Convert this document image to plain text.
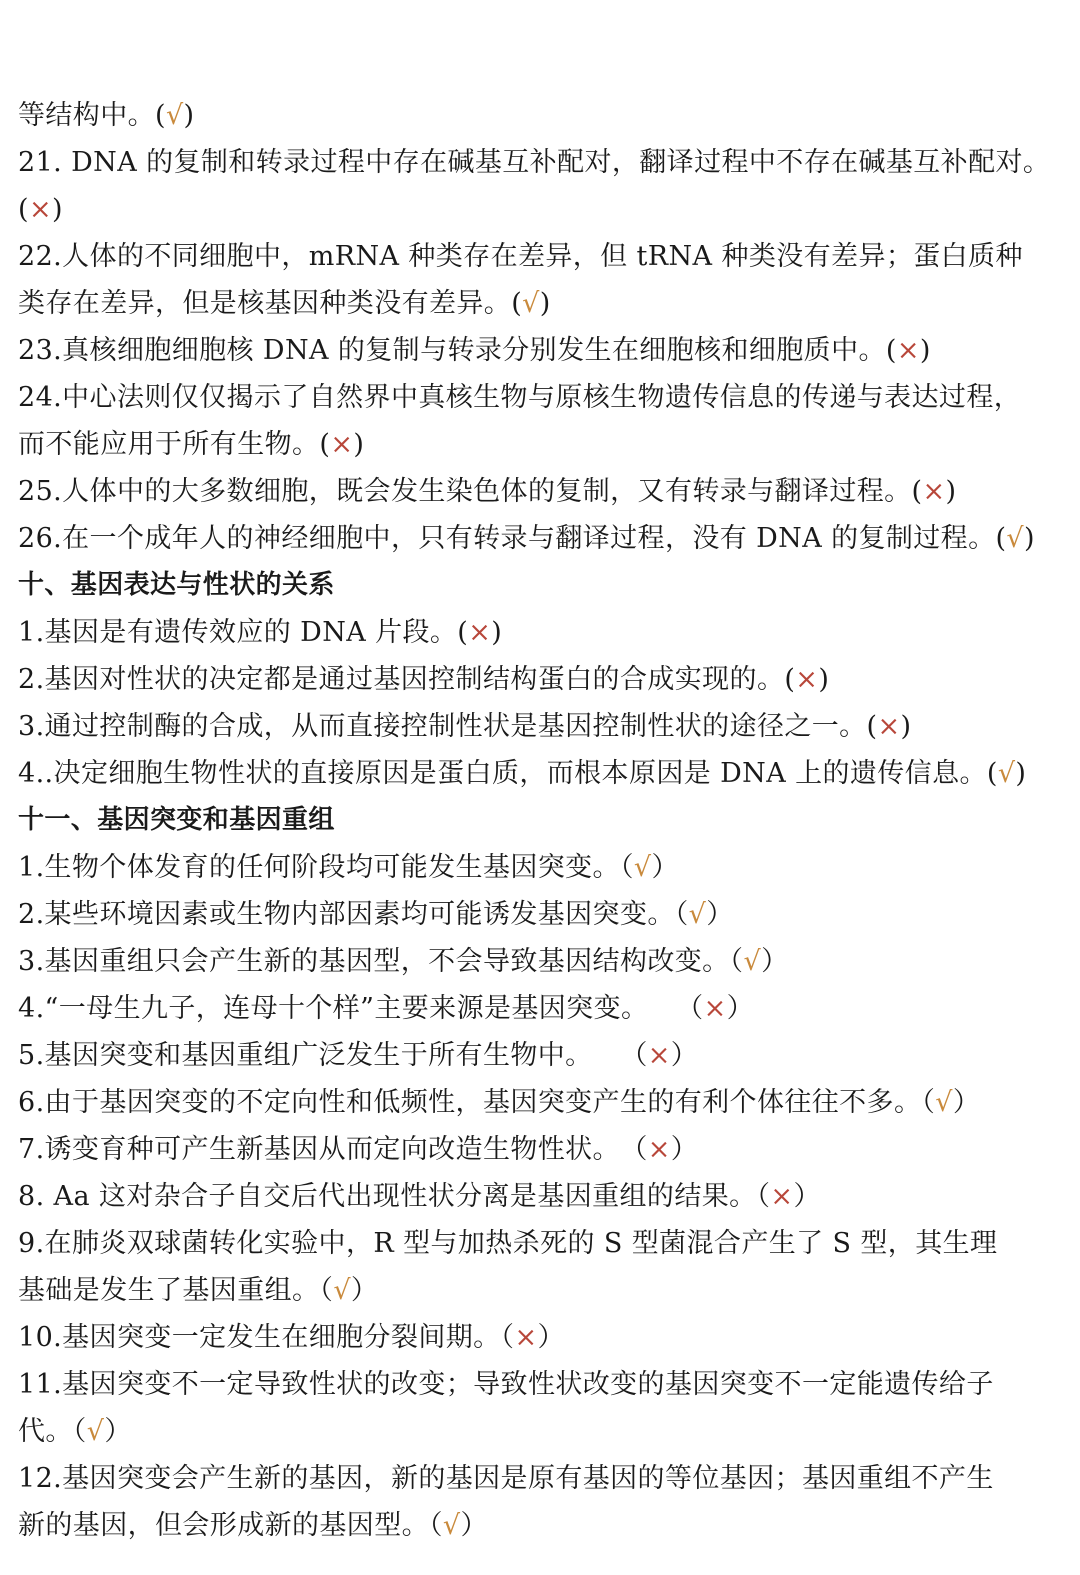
等结构中。(√)
21. DNA 的复制和转录过程中存在碱基互补配对，翻译过程中不存在碱基互补配对。
(×)
22.人体的不同细胞中，mRNA 种类存在差异，但 tRNA 种类没有差异；蛋白质种
类存在差异，但是核基因种类没有差异。(√)
23.真核细胞细胞核 DNA 的复制与转录分别发生在细胞核和细胞质中。(×)
24.中心法则仅仅揭示了自然界中真核生物与原核生物遗传信息的传递与表达过程，
而不能应用于所有生物。(×)
25.人体中的大多数细胞，既会发生染色体的复制，又有转录与翻译过程。(×)
26.在一个成年人的神经细胞中，只有转录与翻译过程，没有 DNA 的复制过程。(√)
十、基因表达与性状的关系
1.基因是有遗传效应的 DNA 片段。(×)
2.基因对性状的决定都是通过基因控制结构蛋白的合成实现的。(×)
3.通过控制酶的合成，从而直接控制性状是基因控制性状的途径之一。(×)
4..决定细胞生物性状的直接原因是蛋白质，而根本原因是 DNA 上的遗传信息。(√)
十一、基因突变和基因重组
1.生物个体发育的任何阶段均可能发生基因突变。（√）
2.某些环境因素或生物内部因素均可能诱发基因突变。（√）
3.基因重组只会产生新的基因型，不会导致基因结构改变。（√）
4.“一母生九子，连母十个样”主要来源是基因突变。　　（×）
5.基因突变和基因重组广泛发生于所有生物中。　　（×）
6.由于基因突变的不定向性和低频性，基因突变产生的有利个体往往不多。（√）
7.诱变育种可产生新基因从而定向改造生物性状。　（×）
8. Aa 这对杂合子自交后代出现性状分离是基因重组的结果。（×）
9.在肺炎双球菌转化实验中，R 型与加热杀死的 S 型菌混合产生了 S 型，其生理
基础是发生了基因重组。（√）
10.基因突变一定发生在细胞分裂间期。（×）
11.基因突变不一定导致性状的改变；导致性状改变的基因突变不一定能遗传给子
代。（√）
12.基因突变会产生新的基因，新的基因是原有基因的等位基因；基因重组不产生
新的基因，但会形成新的基因型。（√）
